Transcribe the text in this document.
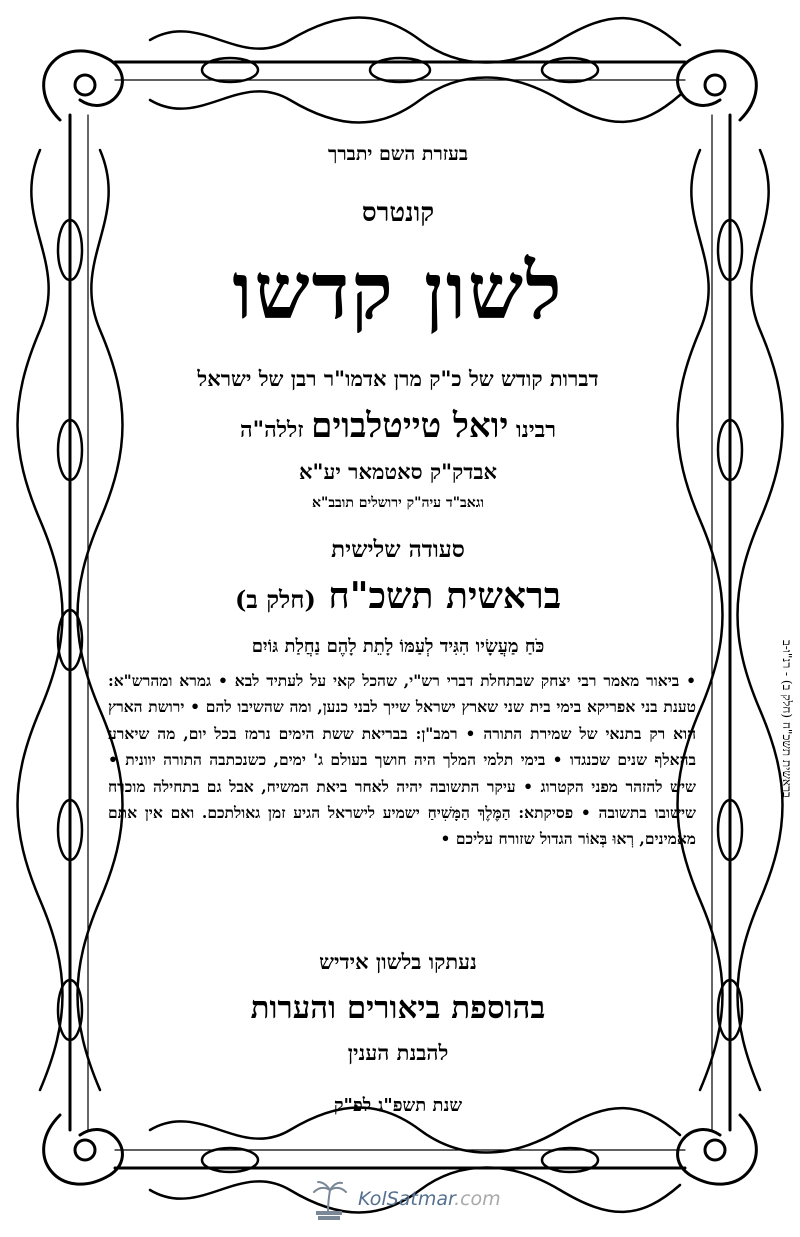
בעזרת השם יתברך
קונטרס
לשון קדשו
דברות קודש של כ"ק מרן אדמו"ר רבן של ישראל
רבינו יואל טייטלבוים זללה"ה
אבדק"ק סאטמאר יע"א
וגאב"ד עיה"ק ירושלים תובב"א
סעודה שלישית
בראשית תשכ"ח (חלק ב)
כֹּחַ מַעֲשָׂיו הִגִּיד לְעַמּוֹ לָתֵת לָהֶם נַחֲלַת גּוֹיִם
• ביאור מאמר רבי יצחק שבתחלת דברי רש"י, שהכל קאי על לעתיד לבא • גמרא ומהרש"א: טענת בני אפריקא בימי בית שני שארץ ישראל שייך לבני כנען, ומה שהשיבו להם • ירושת הארץ הוא רק בתנאי של שמירת התורה • רמב"ן: בבריאת ששת הימים נרמז בכל יום, מה שיארע בהאלף שנים שכנגדו • בימי תלמי המלך היה חושך בעולם ג' ימים, כשנכתבה התורה יוונית • שיש להזהר מפני הקטרוג • עיקר התשובה יהיה לאחר ביאת המשיח, אבל גם בתחילה מוכרח שישובו בתשובה • פסיקתא: הַמֶּלֶךְ הַמָּשִׁיחַ ישמיע לישראל הגיע זמן גאולתכם. ואם אין אתם מאמינים, רְאוּ בְּאוֹר הגדול שזורח עליכם •
נעתקו בלשון אידיש
בהוספת ביאורים והערות
להבנת הענין
שנת תשפ"ג לפ"ק
בראשית תשכ"ח (חלק ב) - רנ"ו-ב
KolSatmar.com
